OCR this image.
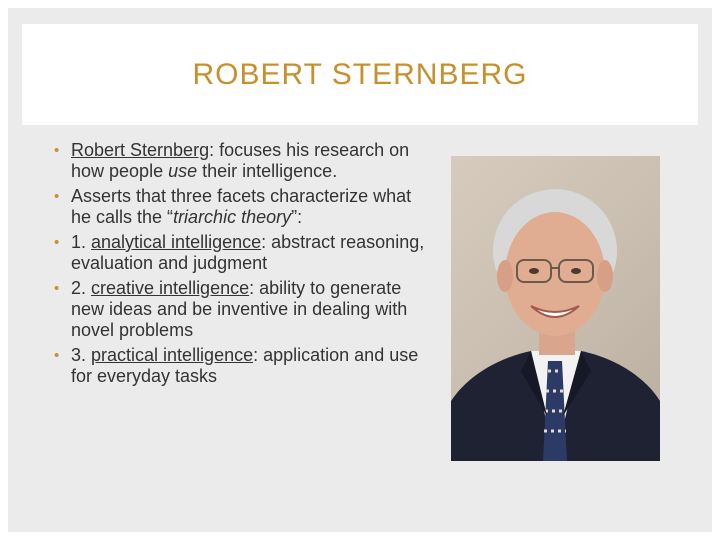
ROBERT STERNBERG
• Robert Sternberg: focuses his research on how people use their intelligence.
• Asserts that three facets characterize what he calls the “triarchic theory”:
• 1. analytical intelligence: abstract reasoning, evaluation and judgment
• 2. creative intelligence: ability to generate new ideas and be inventive in dealing with novel problems
• 3. practical intelligence: application and use for everyday tasks
